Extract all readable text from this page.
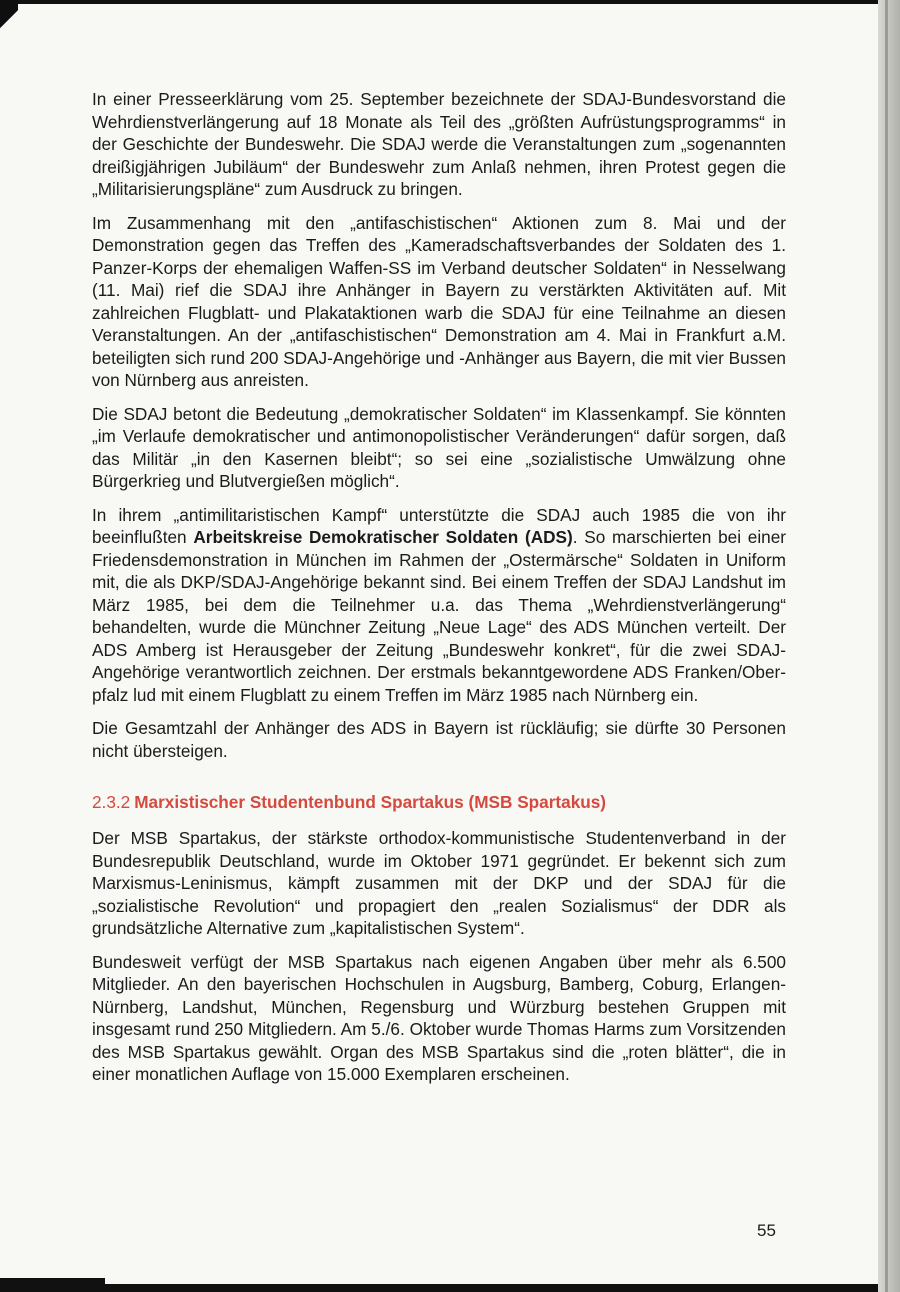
In einer Presseerklärung vom 25. September bezeichnete der SDAJ-Bundesvorstand die Wehrdienstverlängerung auf 18 Monate als Teil des „größten Aufrüstungsprogramms“ in der Geschichte der Bundeswehr. Die SDAJ werde die Veranstaltungen zum „sogenannten dreißigjährigen Jubiläum“ der Bundeswehr zum Anlaß nehmen, ihren Protest gegen die „Militarisierungspläne“ zum Ausdruck zu bringen.

Im Zusammenhang mit den „antifaschistischen“ Aktionen zum 8. Mai und der Demonstration gegen das Treffen des „Kameradschaftsverbandes der Soldaten des 1. Panzer-Korps der ehemaligen Waffen-SS im Verband deutscher Soldaten“ in Nesselwang (11. Mai) rief die SDAJ ihre Anhänger in Bayern zu verstärkten Aktivitäten auf. Mit zahlreichen Flugblatt- und Plakataktionen warb die SDAJ für eine Teilnahme an diesen Veranstaltungen. An der „antifaschistischen“ Demonstration am 4. Mai in Frankfurt a.M. beteiligten sich rund 200 SDAJ-Angehörige und -Anhänger aus Bayern, die mit vier Bussen von Nürnberg aus anreisten.

Die SDAJ betont die Bedeutung „demokratischer Soldaten“ im Klassenkampf. Sie könnten „im Verlaufe demokratischer und antimonopolistischer Veränderungen“ dafür sorgen, daß das Militär „in den Kasernen bleibt“; so sei eine „sozialistische Umwälzung ohne Bürgerkrieg und Blutvergießen möglich“.

In ihrem „antimilitaristischen Kampf“ unterstützte die SDAJ auch 1985 die von ihr beeinflußten Arbeitskreise Demokratischer Soldaten (ADS). So marschierten bei einer Friedensdemonstration in München im Rahmen der „Ostermärsche“ Soldaten in Uniform mit, die als DKP/SDAJ-Angehörige bekannt sind. Bei einem Treffen der SDAJ Landshut im März 1985, bei dem die Teilnehmer u.a. das Thema „Wehrdienstverlängerung“ behandelten, wurde die Münchner Zeitung „Neue Lage“ des ADS München verteilt. Der ADS Amberg ist Herausgeber der Zeitung „Bundeswehr konkret“, für die zwei SDAJ-Angehörige verantwortlich zeichnen. Der erstmals bekanntgewordene ADS Franken/Oberpfalz lud mit einem Flugblatt zu einem Treffen im März 1985 nach Nürnberg ein.

Die Gesamtzahl der Anhänger des ADS in Bayern ist rückläufig; sie dürfte 30 Personen nicht übersteigen.

2.3.2 Marxistischer Studentenbund Spartakus (MSB Spartakus)

Der MSB Spartakus, der stärkste orthodox-kommunistische Studentenverband in der Bundesrepublik Deutschland, wurde im Oktober 1971 gegründet. Er bekennt sich zum Marxismus-Leninismus, kämpft zusammen mit der DKP und der SDAJ für die „sozialistische Revolution“ und propagiert den „realen Sozialismus“ der DDR als grundsätzliche Alternative zum „kapitalistischen System“.

Bundesweit verfügt der MSB Spartakus nach eigenen Angaben über mehr als 6.500 Mitglieder. An den bayerischen Hochschulen in Augsburg, Bamberg, Coburg, Erlangen-Nürnberg, Landshut, München, Regensburg und Würzburg bestehen Gruppen mit insgesamt rund 250 Mitgliedern. Am 5./6. Oktober wurde Thomas Harms zum Vorsitzenden des MSB Spartakus gewählt. Organ des MSB Spartakus sind die „roten blätter“, die in einer monatlichen Auflage von 15.000 Exemplaren erscheinen.

55
